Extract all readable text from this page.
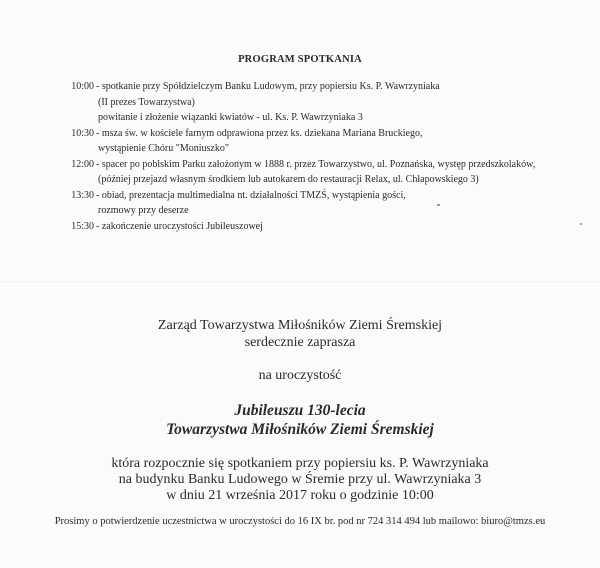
PROGRAM SPOTKANIA
10:00 - spotkanie przy Spółdzielczym Banku Ludowym, przy popiersiu Ks. P. Wawrzyniaka
(II prezes Towarzystwa)
powitanie i złożenie wiązanki kwiatów - ul. Ks. P. Wawrzyniaka 3
10:30 - msza św. w kościele farnym odprawiona przez ks. dziekana Mariana Bruckiego,
wystąpienie Chóru "Moniuszko"
12:00 - spacer po poblskim Parku założonym w 1888 r. przez Towarzystwo, ul. Poznańska, występ przedszkolaków,
(później przejazd własnym środkiem lub autokarem do restauracji Relax, ul. Chłapowskiego 3)
13:30 - obiad, prezentacja multimedialna nt. działalności TMZŚ, wystąpienia gości,
rozmowy przy deserze
15:30 - zakończenie uroczystości Jubileuszowej
Zarząd Towarzystwa Miłośników Ziemi Śremskiej
serdecznie zaprasza
na uroczystość
Jubileuszu 130-lecia
Towarzystwa Miłośników Ziemi Śremskiej
która rozpocznie się spotkaniem przy popiersiu ks. P. Wawrzyniaka
na budynku Banku Ludowego w Śremie przy ul. Wawrzyniaka 3
w dniu 21 września 2017 roku o godzinie 10:00
Prosimy o potwierdzenie uczestnictwa w uroczystości do 16 IX br. pod nr 724 314 494 lub mailowo: biuro@tmzs.eu
